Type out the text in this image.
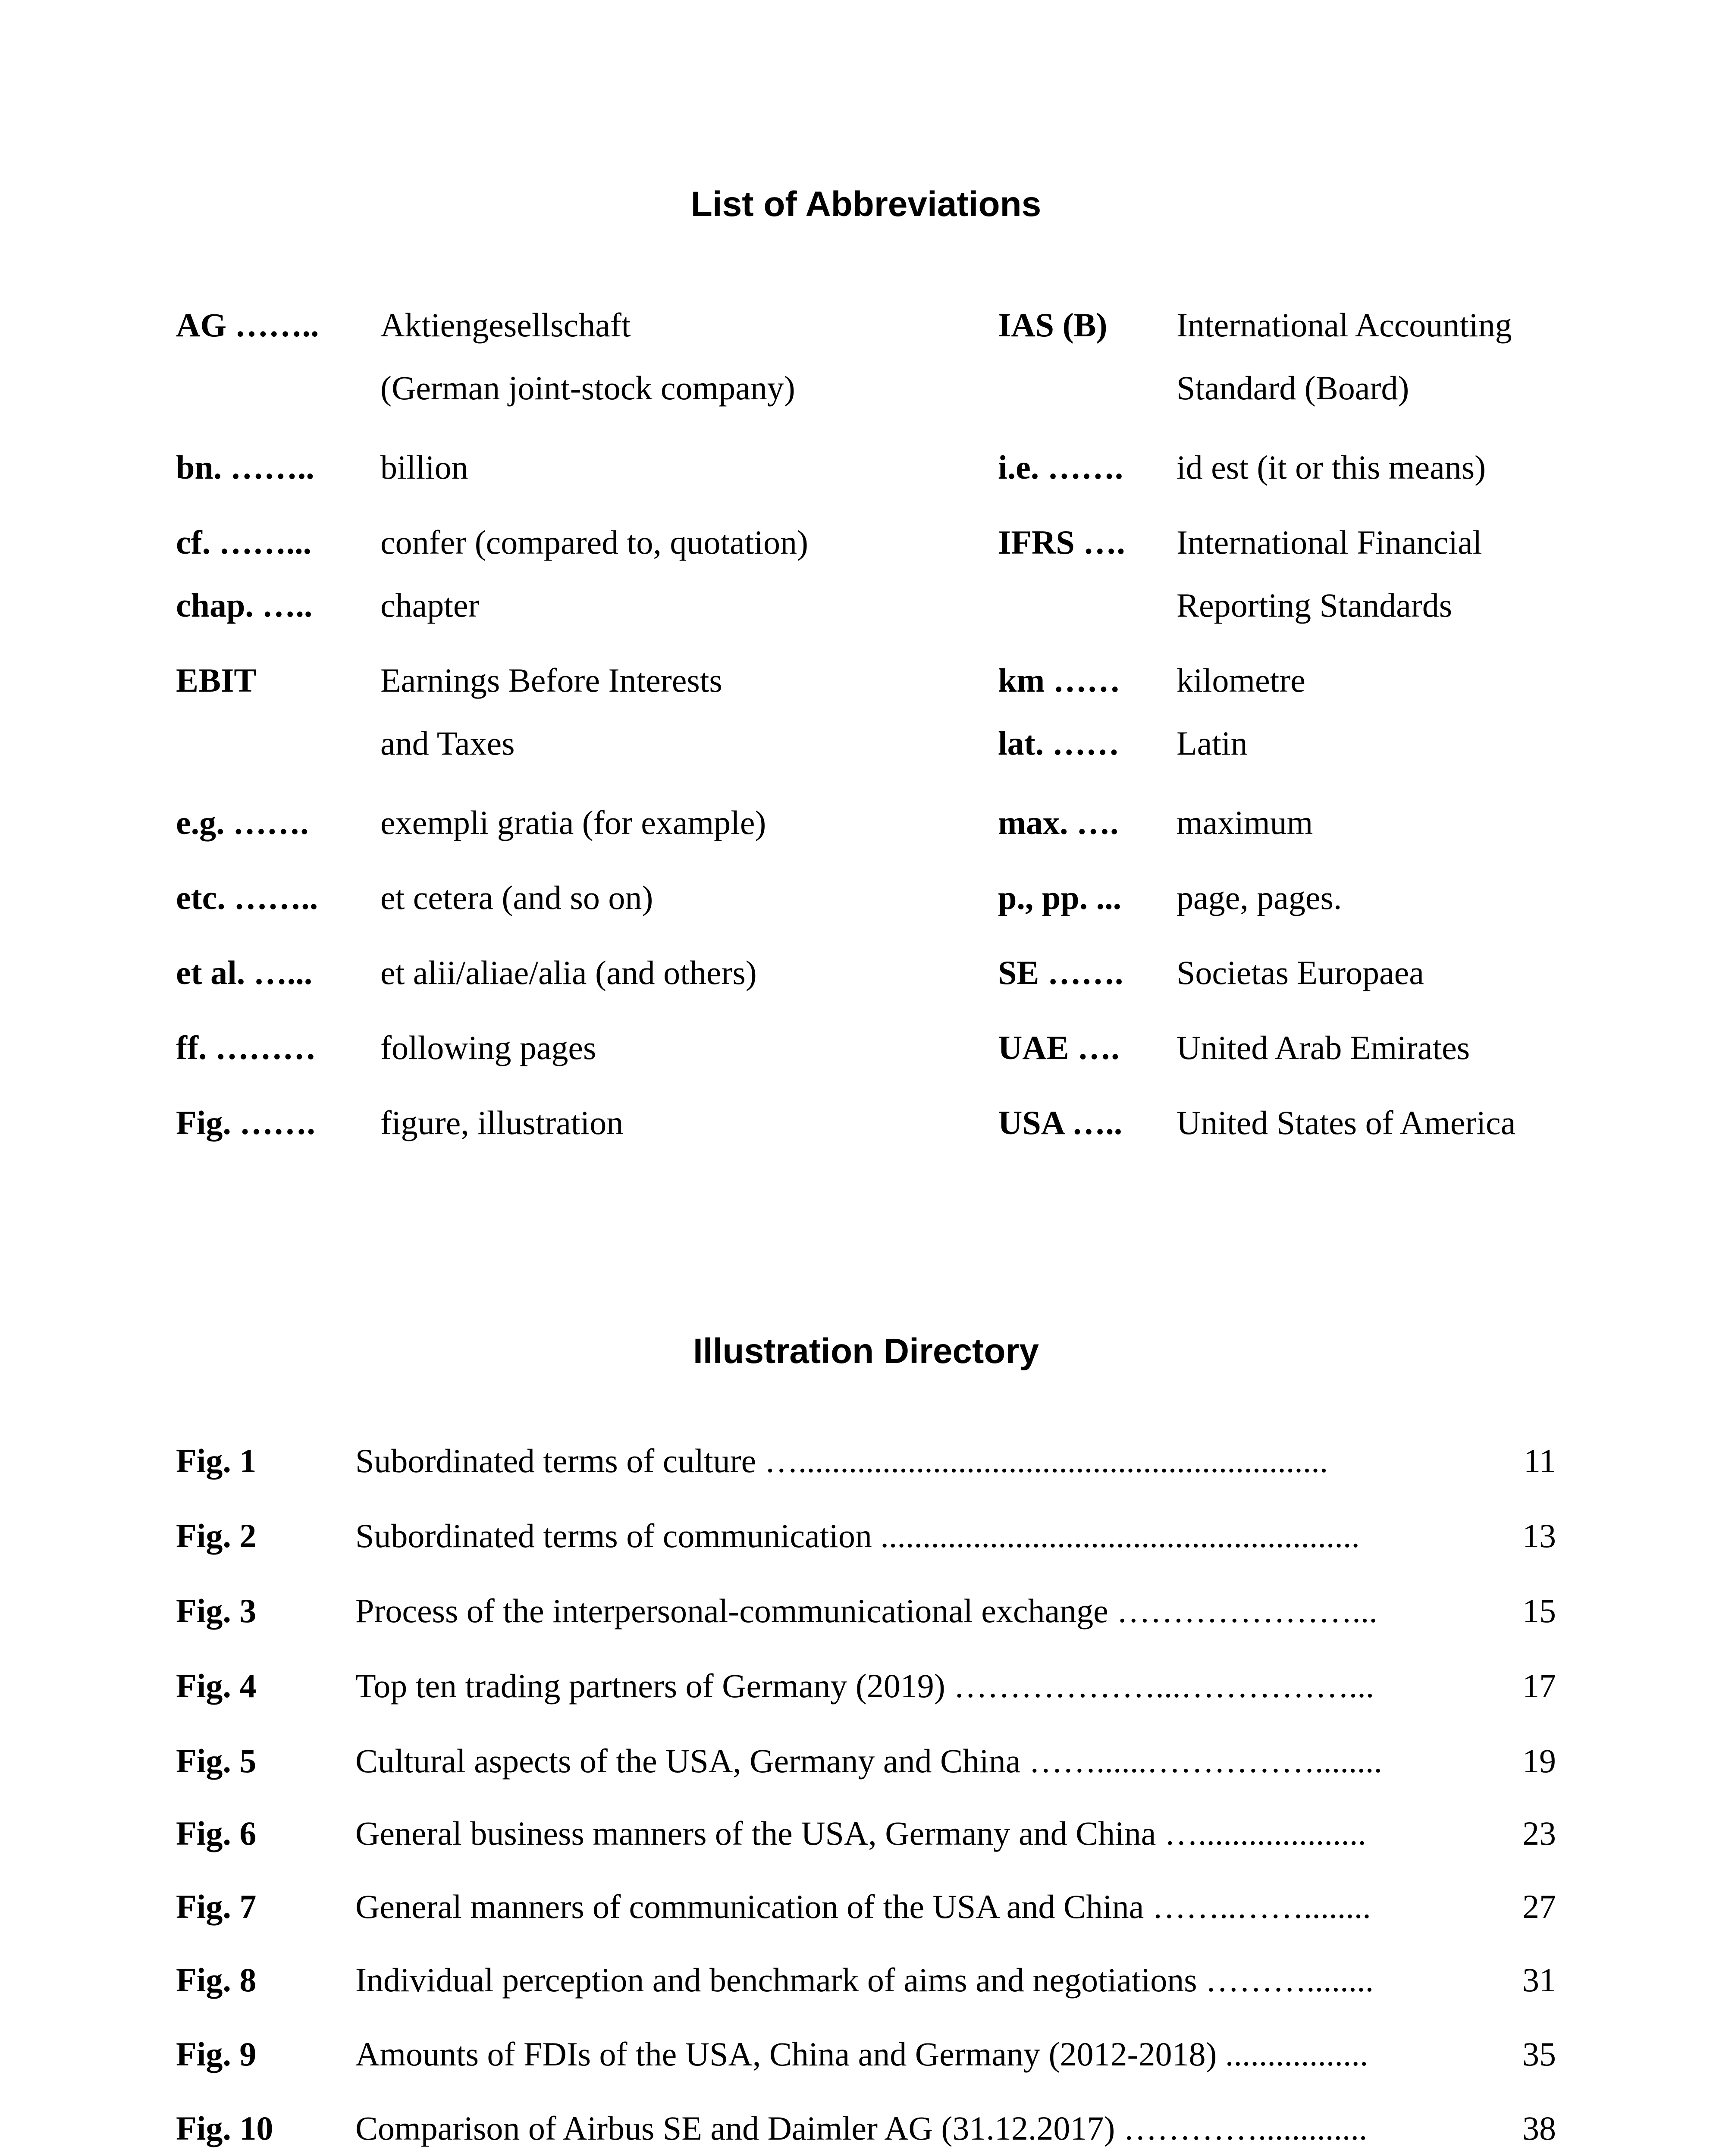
List of Abbreviations
AG …….. Aktiengesellschaft
(German joint-stock company)
bn. …….. billion
cf. ……... confer (compared to, quotation)
chap. ….. chapter
EBIT	Earnings Before Interests
and Taxes
e.g. ……. exempli gratia (for example)
etc. …….. et cetera (and so on)
et al. …... et alii/aliae/alia (and others)
ff. ……… following pages
Fig. ……. figure, illustration
IAS (B) International Accounting
Standard (Board)
i.e. ……. id est (it or this means)
IFRS …. International Financial
Reporting Standards
km …… kilometre
lat. …… Latin
max. …. maximum
p., pp. ... page, pages.
SE ……. Societas Europaea
UAE …. United Arab Emirates
USA ….. United States of America
Illustration Directory
Fig. 1	Subordinated terms of culture …...............................................................	11
Fig. 2	Subordinated terms of communication .........................................................	13
Fig. 3	Process of the interpersonal-communicational exchange …………………...	15
Fig. 4	Top ten trading partners of Germany (2019) ………………...……………...	17
Fig. 5	Cultural aspects of the USA, Germany and China ……......……………........	19
Fig. 6	General business manners of the USA, Germany and China …....................	23
Fig. 7	General manners of communication of the USA and China ……..……........	27
Fig. 8	Individual perception and benchmark of aims and negotiations ………........	31
Fig. 9	Amounts of FDIs of the USA, China and Germany (2012-2018) .................	35
Fig. 10 Comparison of Airbus SE and Daimler AG (31.12.2017) ………….............	38
